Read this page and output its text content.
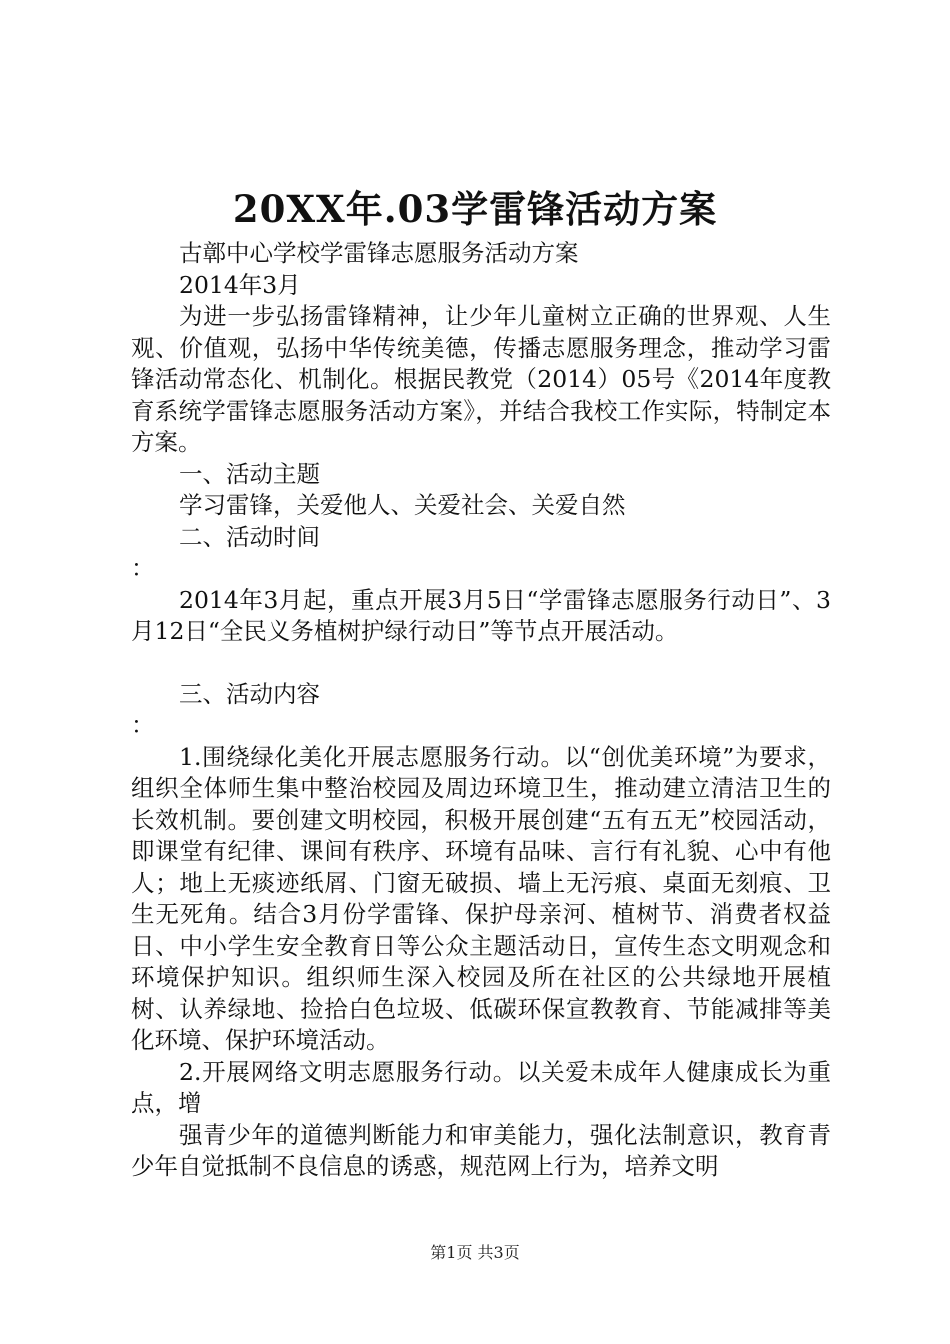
20XX年.03学雷锋活动方案

古鄣中心学校学雷锋志愿服务活动方案

2014年3月

为进一步弘扬雷锋精神，让少年儿童树立正确的世界观、人生观、价值观，弘扬中华传统美德，传播志愿服务理念，推动学习雷锋活动常态化、机制化。根据民教党（2014）05号《2014年度教育系统学雷锋志愿服务活动方案》，并结合我校工作实际，特制定本方案。

一、活动主题

学习雷锋，关爱他人、关爱社会、关爱自然

二、活动时间

：

2014年3月起，重点开展3月5日“学雷锋志愿服务行动日”、3月12日“全民义务植树护绿行动日”等节点开展活动。

三、活动内容

：

1.围绕绿化美化开展志愿服务行动。以“创优美环境”为要求，组织全体师生集中整治校园及周边环境卫生，推动建立清洁卫生的长效机制。要创建文明校园，积极开展创建“五有五无”校园活动，即课堂有纪律、课间有秩序、环境有品味、言行有礼貌、心中有他人；地上无痰迹纸屑、门窗无破损、墙上无污痕、桌面无刻痕、卫生无死角。结合3月份学雷锋、保护母亲河、植树节、消费者权益日、中小学生安全教育日等公众主题活动日，宣传生态文明观念和环境保护知识。组织师生深入校园及所在社区的公共绿地开展植树、认养绿地、捡拾白色垃圾、低碳环保宣教教育、节能减排等美化环境、保护环境活动。

2.开展网络文明志愿服务行动。以关爱未成年人健康成长为重点，增

强青少年的道德判断能力和审美能力，强化法制意识，教育青少年自觉抵制不良信息的诱惑，规范网上行为，培养文明

第1页 共3页
